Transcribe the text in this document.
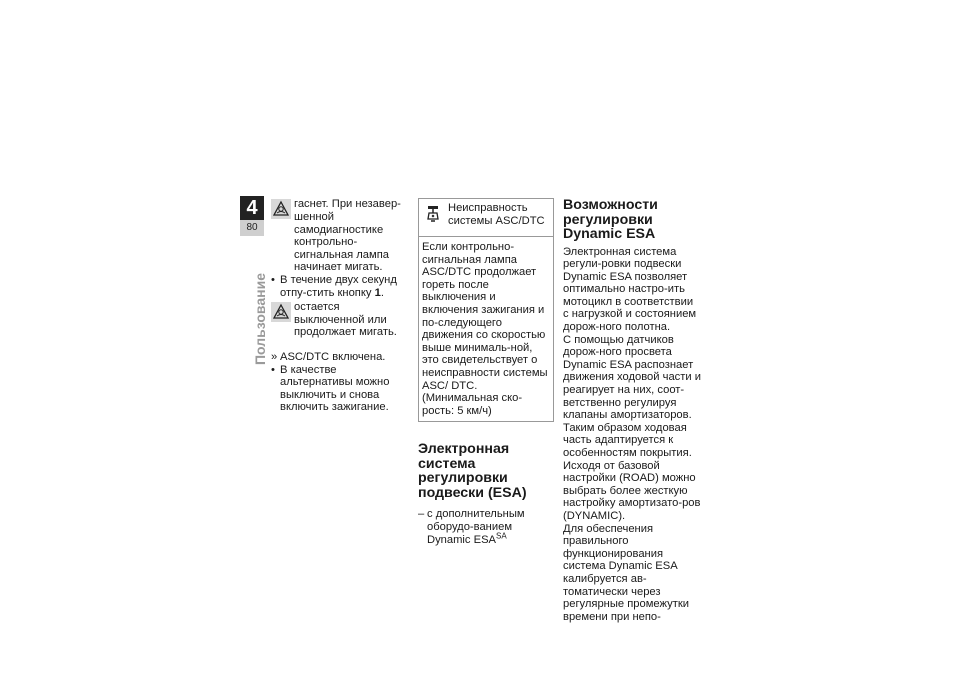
4
80
Пользование
гаснет. При незавер-

шенной самодиагностике контрольно-сигнальная лампа начинает мигать.

• В течение двух секунд отпу-стить кнопку 1.
остается выключенной или продолжает мигать.
» ASC/DTC включена.
• В качестве альтернативы можно выключить и снова включить зажигание.
Неисправность системы ASC/DTC
Если контрольно-сигнальная лампа ASC/DTC продолжает гореть после выключения и включения зажигания и по-следующего движения со скоростью выше минималь-ной, это свидетельствует о неисправности системы ASC/ DTC. (Минимальная ско-рость: 5 км/ч)
Электронная система регулировки подвески (ESA)
– с дополнительным оборудо-ванием Dynamic $ESA^{SA}$
Возможности регулировки Dynamic ESA

Электронная система регули-ровки подвески Dynamic ESA позволяет оптимально настро-ить мотоцикл в соответствии с нагрузкой и состоянием дорож-ного полотна.

С помощью датчиков дорож-ного просвета Dynamic ESA распознает движения ходовой части и реагирует на них, соот-ветственно регулируя клапаны амортизаторов. Таким образом ходовая часть адаптируется к особенностям покрытия.

Исходя от базовой настройки (ROAD) можно выбрать более жесткую настройку амортизато-ров (DYNAMIC).

Для обеспечения правильного функционирования система Dynamic ESA калибруется ав-томатически через регулярные промежутки времени при непо-
